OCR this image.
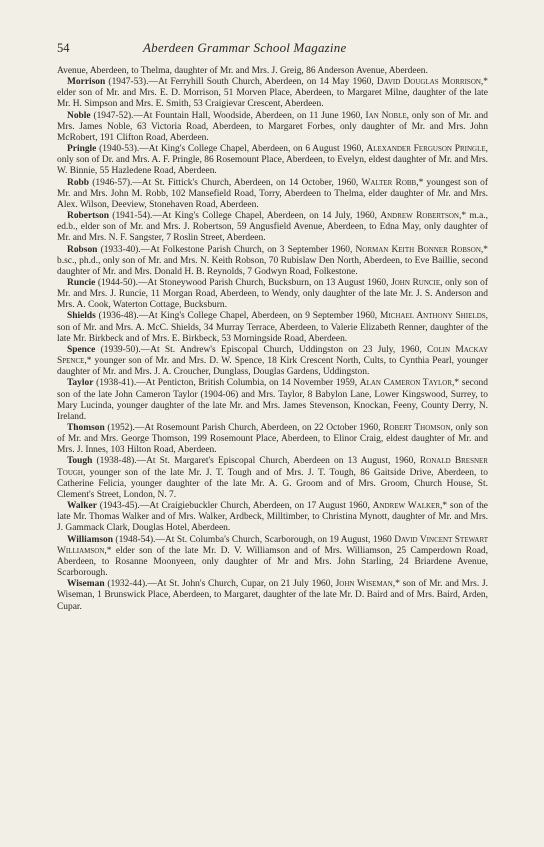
54	Aberdeen Grammar School Magazine

Avenue, Aberdeen, to Thelma, daughter of Mr. and Mrs. J. Greig, 86 Anderson Avenue, Aberdeen.

Morrison (1947-53).—At Ferryhill South Church, Aberdeen, on 14 May 1960, David Douglas Morrison,* elder son of Mr. and Mrs. E. D. Morrison, 51 Morven Place, Aberdeen, to Margaret Milne, daughter of the late Mr. H. Simpson and Mrs. E. Smith, 53 Craigievar Crescent, Aberdeen.

Noble (1947-52).—At Fountain Hall, Woodside, Aberdeen, on 11 June 1960, Ian Noble, only son of Mr. and Mrs. James Noble, 63 Victoria Road, Aberdeen, to Margaret Forbes, only daughter of Mr. and Mrs. John McRobert, 191 Clifton Road, Aberdeen.

Pringle (1940-53).—At King's College Chapel, Aberdeen, on 6 August 1960, Alexander Ferguson Pringle, only son of Dr. and Mrs. A. F. Pringle, 86 Rosemount Place, Aberdeen, to Evelyn, eldest daughter of Mr. and Mrs. W. Binnie, 55 Hazledene Road, Aberdeen.

Robb (1946-57).—At St. Fittick's Church, Aberdeen, on 14 October, 1960, Walter Robb,* youngest son of Mr. and Mrs. John M. Robb, 102 Mansefield Road, Torry, Aberdeen to Thelma, elder daughter of Mr. and Mrs. Alex. Wilson, Deeview, Stonehaven Road, Aberdeen.

Robertson (1941-54).—At King's College Chapel, Aberdeen, on 14 July, 1960, Andrew Robertson,* m.a., ed.b., elder son of Mr. and Mrs. J. Robertson, 59 Angusfield Avenue, Aberdeen, to Edna May, only daughter of Mr. and Mrs. N. F. Sangster, 7 Roslin Street, Aberdeen.

Robson (1933-40).—At Folkestone Parish Church, on 3 September 1960, Norman Keith Bonner Robson,* b.sc., ph.d., only son of Mr. and Mrs. N. Keith Robson, 70 Rubislaw Den North, Aberdeen, to Eve Baillie, second daughter of Mr. and Mrs. Donald H. B. Reynolds, 7 Godwyn Road, Folkestone.

Runcie (1944-50).—At Stoneywood Parish Church, Bucksburn, on 13 August 1960, John Runcie, only son of Mr. and Mrs. J. Runcie, 11 Morgan Road, Aberdeen, to Wendy, only daughter of the late Mr. J. S. Anderson and Mrs. A. Cook, Waterton Cottage, Bucksburn.

Shields (1936-48).—At King's College Chapel, Aberdeen, on 9 September 1960, Michael Anthony Shields, son of Mr. and Mrs. A. McC. Shields, 34 Murray Terrace, Aberdeen, to Valerie Elizabeth Renner, daughter of the late Mr. Birkbeck and of Mrs. E. Birkbeck, 53 Morningside Road, Aberdeen.

Spence (1939-50).—At St. Andrew's Episcopal Church, Uddingston on 23 July, 1960, Colin Mackay Spence,* younger son of Mr. and Mrs. D. W. Spence, 18 Kirk Crescent North, Cults, to Cynthia Pearl, younger daughter of Mr. and Mrs. J. A. Croucher, Dunglass, Douglas Gardens, Uddingston.

Taylor (1938-41).—At Penticton, British Columbia, on 14 November 1959, Alan Cameron Taylor,* second son of the late John Cameron Taylor (1904-06) and Mrs. Taylor, 8 Babylon Lane, Lower Kingswood, Surrey, to Mary Lucinda, younger daughter of the late Mr. and Mrs. James Stevenson, Knockan, Feeny, County Derry, N. Ireland.

Thomson (1952).—At Rosemount Parish Church, Aberdeen, on 22 October 1960, Robert Thomson, only son of Mr. and Mrs. George Thomson, 199 Rosemount Place, Aberdeen, to Elinor Craig, eldest daughter of Mr. and Mrs. J. Innes, 103 Hilton Road, Aberdeen.

Tough (1938-48).—At St. Margaret's Episcopal Church, Aberdeen on 13 August, 1960, Ronald Bresner Tough, younger son of the late Mr. J. T. Tough and of Mrs. J. T. Tough, 86 Gaitside Drive, Aberdeen, to Catherine Felicia, younger daughter of the late Mr. A. G. Groom and of Mrs. Groom, Church House, St. Clement's Street, London, N. 7.

Walker (1943-45).—At Craigiebuckler Church, Aberdeen, on 17 August 1960, Andrew Walker,* son of the late Mr. Thomas Walker and of Mrs. Walker, Ardbeck, Milltimber, to Christina Mynott, daughter of Mr. and Mrs. J. Gammack Clark, Douglas Hotel, Aberdeen.

Williamson (1948-54).—At St. Columba's Church, Scarborough, on 19 August, 1960 David Vincent Stewart Williamson,* elder son of the late Mr. D. V. Williamson and of Mrs. Williamson, 25 Camperdown Road, Aberdeen, to Rosanne Moonyeen, only daughter of Mr and Mrs. John Starling, 24 Briardene Avenue, Scarborough.

Wiseman (1932-44).—At St. John's Church, Cupar, on 21 July 1960, John Wiseman,* son of Mr. and Mrs. J. Wiseman, 1 Brunswick Place, Aberdeen, to Margaret, daughter of the late Mr. D. Baird and of Mrs. Baird, Arden, Cupar.
